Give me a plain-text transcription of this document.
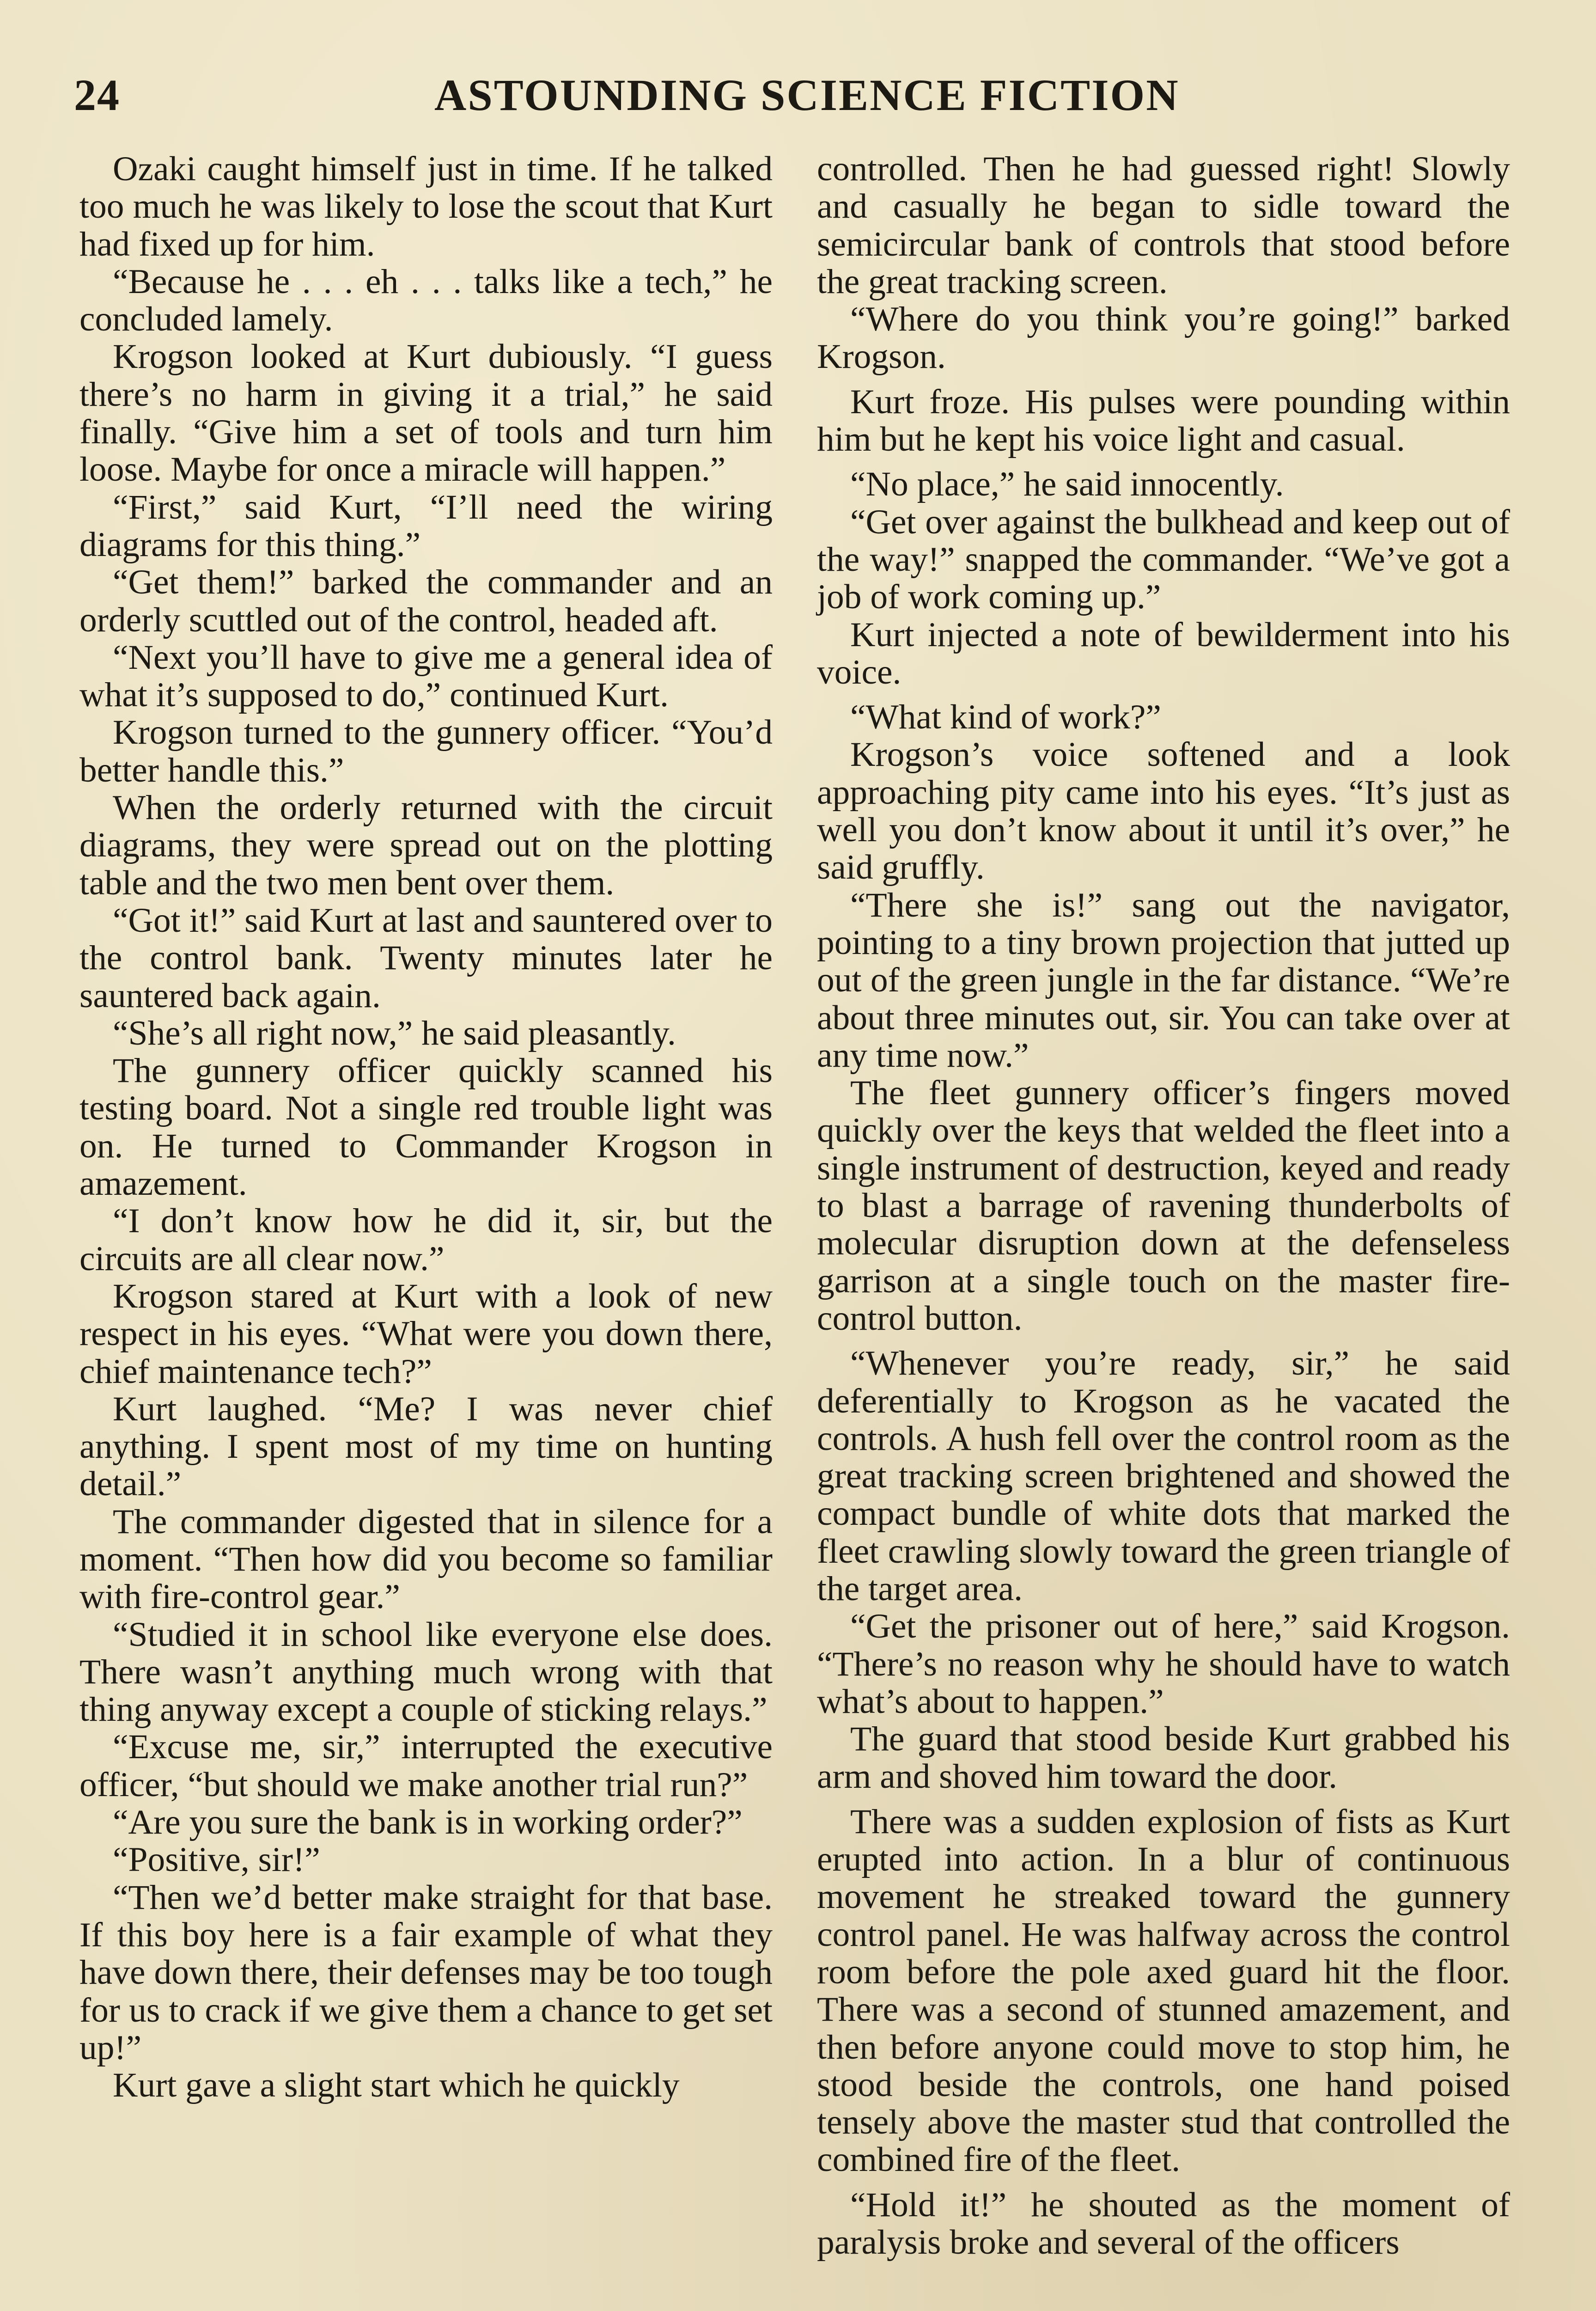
24	ASTOUNDING SCIENCE FICTION

Ozaki caught himself just in time. If he talked too much he was likely to lose the scout that Kurt had fixed up for him.

“Because he . . . eh . . . talks like a tech,” he concluded lamely.

Krogson looked at Kurt dubiously. “I guess there’s no harm in giving it a trial,” he said finally. “Give him a set of tools and turn him loose. Maybe for once a miracle will happen.”

“First,” said Kurt, “I’ll need the wiring diagrams for this thing.”

“Get them!” barked the commander and an orderly scuttled out of the control, headed aft.

“Next you’ll have to give me a general idea of what it’s supposed to do,” continued Kurt.

Krogson turned to the gunnery officer. “You’d better handle this.”

When the orderly returned with the circuit diagrams, they were spread out on the plotting table and the two men bent over them.

“Got it!” said Kurt at last and sauntered over to the control bank. Twenty minutes later he sauntered back again.

“She’s all right now,” he said pleasantly.

The gunnery officer quickly scanned his testing board. Not a single red trouble light was on. He turned to Commander Krogson in amazement.

“I don’t know how he did it, sir, but the circuits are all clear now.”

Krogson stared at Kurt with a look of new respect in his eyes. “What were you down there, chief maintenance tech?”

Kurt laughed. “Me? I was never chief anything. I spent most of my time on hunting detail.”

The commander digested that in silence for a moment. “Then how did you become so familiar with fire-control gear.”

“Studied it in school like everyone else does. There wasn’t anything much wrong with that thing anyway except a couple of sticking relays.”

“Excuse me, sir,” interrupted the executive officer, “but should we make another trial run?”

“Are you sure the bank is in working order?”

“Positive, sir!”

“Then we’d better make straight for that base. If this boy here is a fair example of what they have down there, their defenses may be too tough for us to crack if we give them a chance to get set up!”

Kurt gave a slight start which he quickly

controlled. Then he had guessed right! Slowly and casually he began to sidle toward the semicircular bank of controls that stood before the great tracking screen.

“Where do you think you’re going!” barked Krogson.

Kurt froze. His pulses were pounding within him but he kept his voice light and casual.

“No place,” he said innocently.

“Get over against the bulkhead and keep out of the way!” snapped the commander. “We’ve got a job of work coming up.”

Kurt injected a note of bewilderment into his voice.

“What kind of work?”

Krogson’s voice softened and a look approaching pity came into his eyes. “It’s just as well you don’t know about it until it’s over,” he said gruffly.

“There she is!” sang out the navigator, pointing to a tiny brown projection that jutted up out of the green jungle in the far distance. “We’re about three minutes out, sir. You can take over at any time now.”

The fleet gunnery officer’s fingers moved quickly over the keys that welded the fleet into a single instrument of destruction, keyed and ready to blast a barrage of ravening thunderbolts of molecular disruption down at the defenseless garrison at a single touch on the master fire-control button.

“Whenever you’re ready, sir,” he said deferentially to Krogson as he vacated the controls. A hush fell over the control room as the great tracking screen brightened and showed the compact bundle of white dots that marked the fleet crawling slowly toward the green triangle of the target area.

“Get the prisoner out of here,” said Krogson. “There’s no reason why he should have to watch what’s about to happen.”

The guard that stood beside Kurt grabbed his arm and shoved him toward the door.

There was a sudden explosion of fists as Kurt erupted into action. In a blur of continuous movement he streaked toward the gunnery control panel. He was halfway across the control room before the pole axed guard hit the floor. There was a second of stunned amazement, and then before anyone could move to stop him, he stood beside the controls, one hand poised tensely above the master stud that controlled the combined fire of the fleet.

“Hold it!” he shouted as the moment of paralysis broke and several of the officers
